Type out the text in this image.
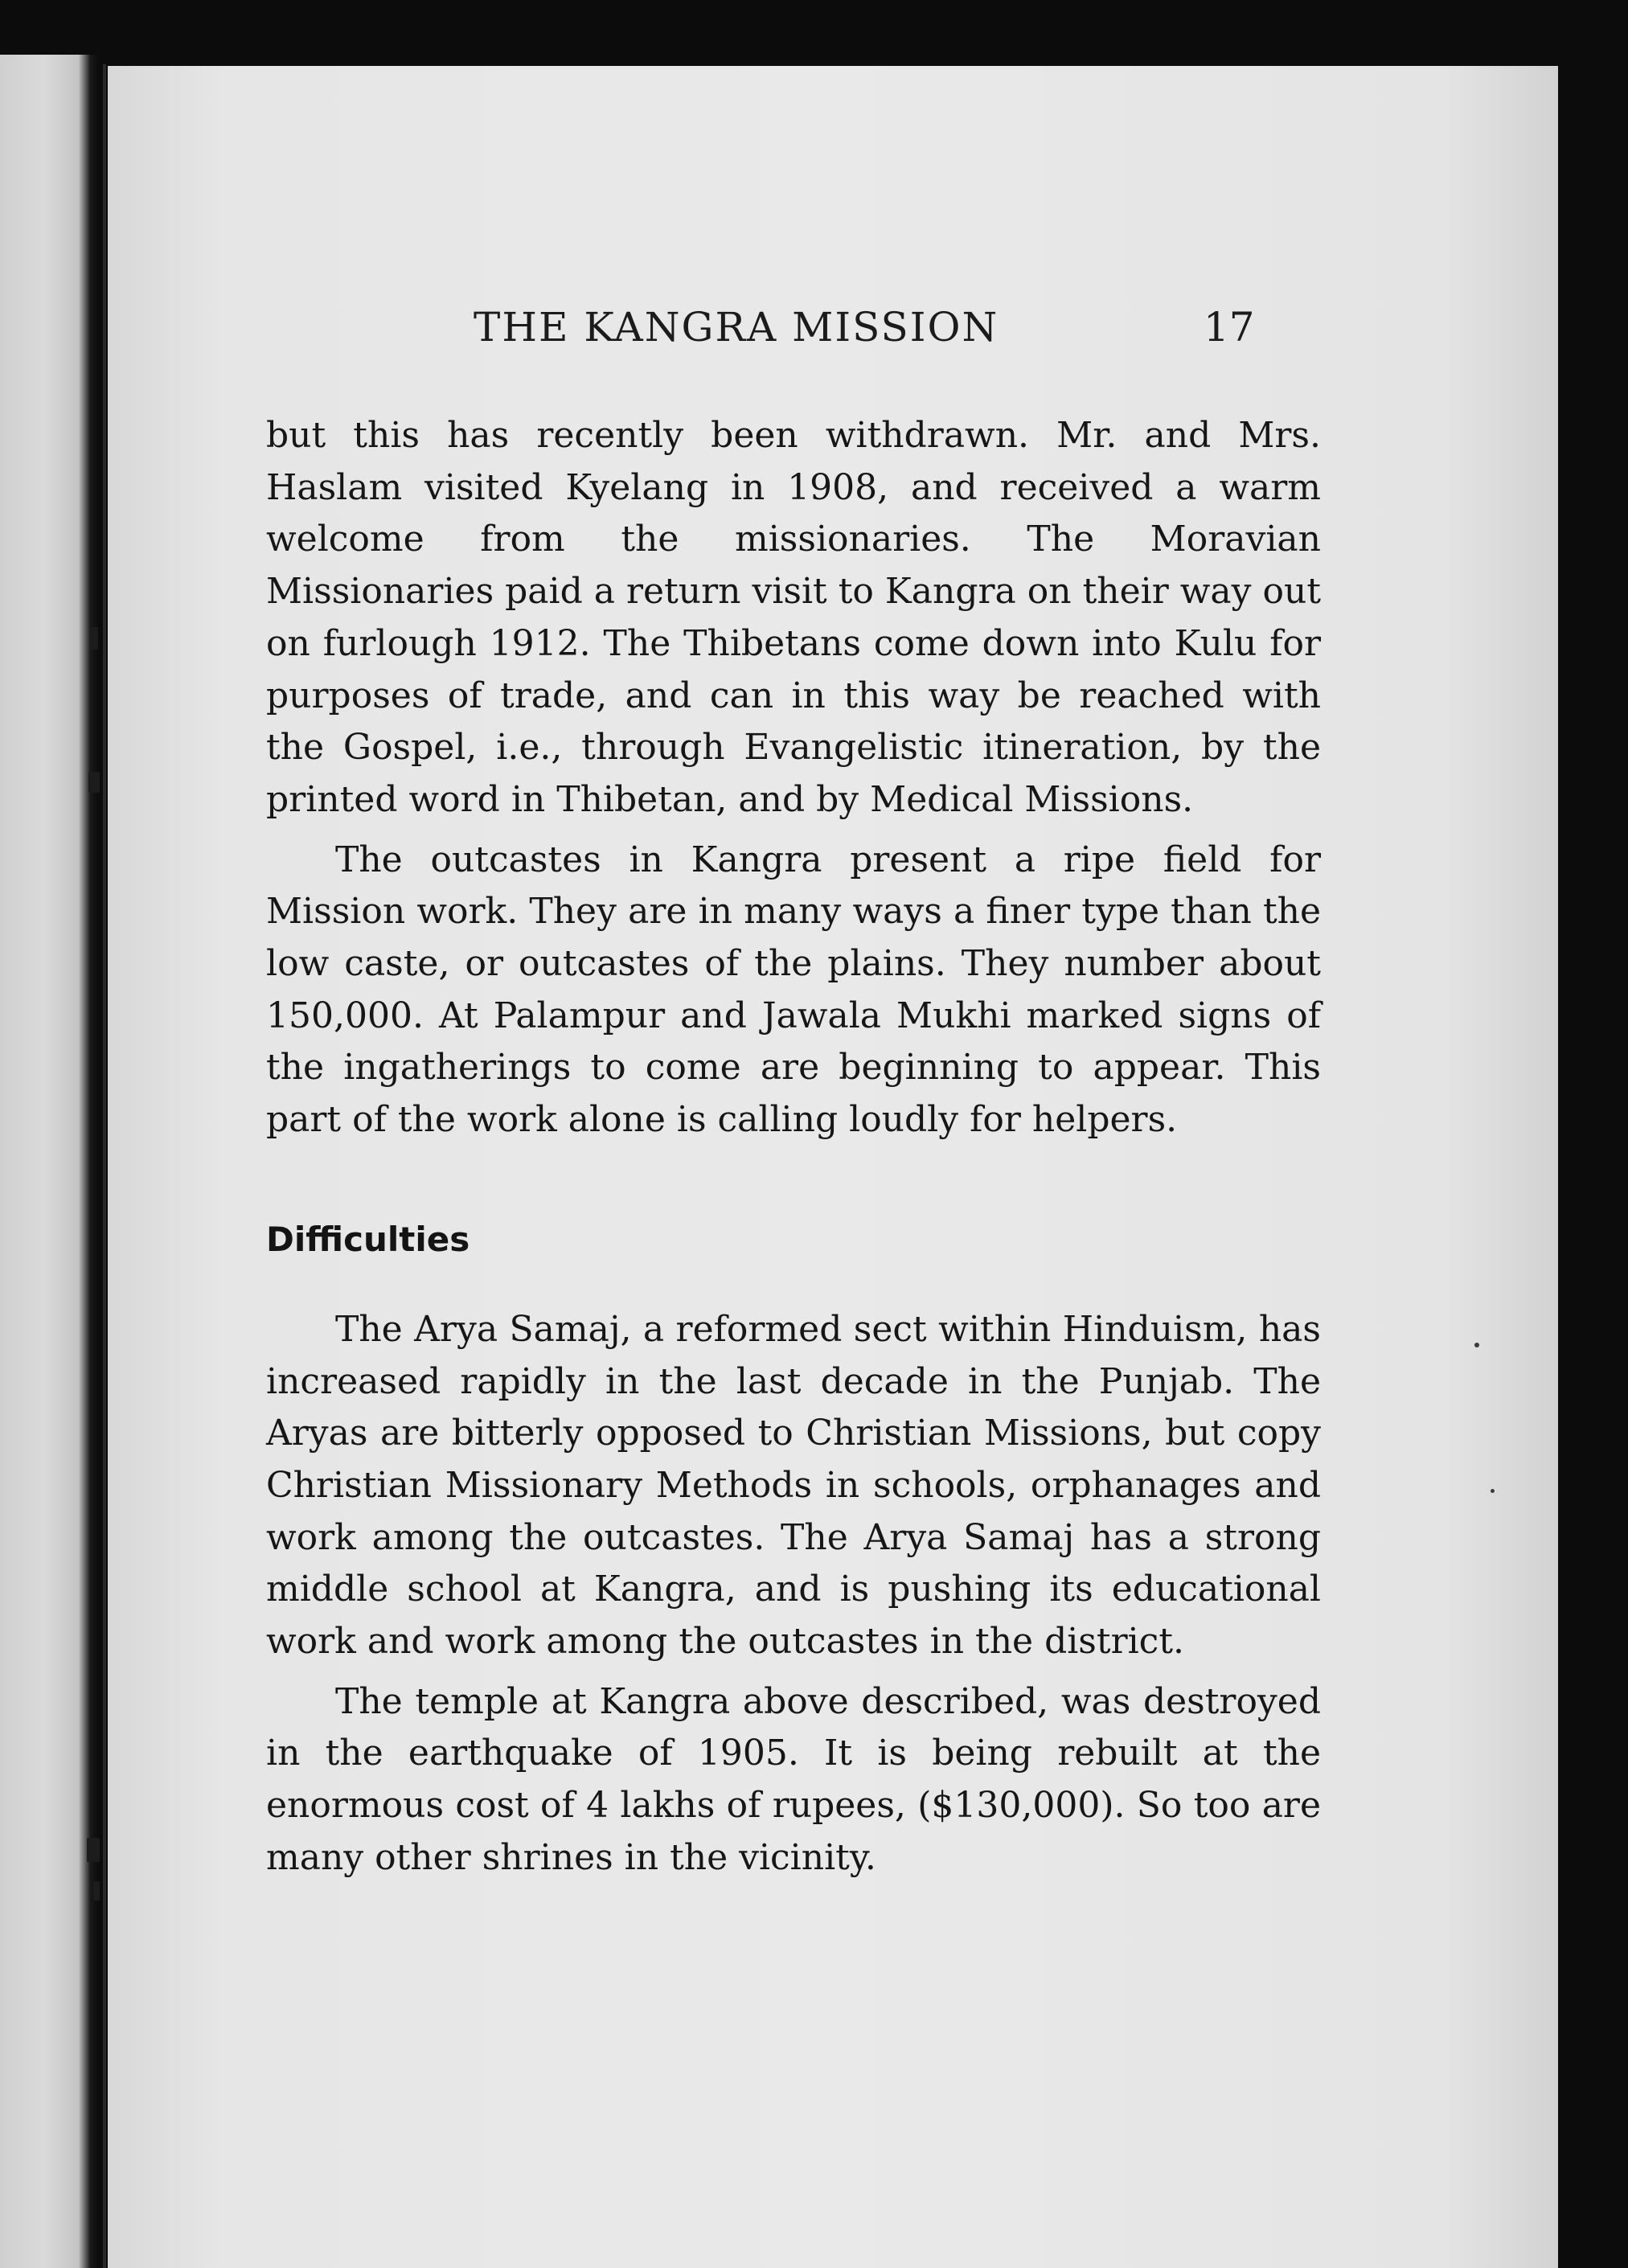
THE KANGRA MISSION	17

but this has recently been withdrawn. Mr. and Mrs. Haslam visited Kyelang in 1908, and received a warm welcome from the missionaries. The Moravian Missionaries paid a return visit to Kangra on their way out on furlough 1912. The Thibetans come down into Kulu for purposes of trade, and can in this way be reached with the Gospel, i.e., through Evangelistic itineration, by the printed word in Thibetan, and by Medical Missions.

The outcastes in Kangra present a ripe field for Mission work. They are in many ways a finer type than the low caste, or outcastes of the plains. They number about 150,000. At Palampur and Jawala Mukhi marked signs of the ingatherings to come are beginning to appear. This part of the work alone is calling loudly for helpers.

Difficulties

The Arya Samaj, a reformed sect within Hinduism, has increased rapidly in the last decade in the Punjab. The Aryas are bitterly opposed to Christian Missions, but copy Christian Missionary Methods in schools, orphanages and work among the outcastes. The Arya Samaj has a strong middle school at Kangra, and is pushing its educational work and work among the outcastes in the district.

The temple at Kangra above described, was destroyed in the earthquake of 1905. It is being rebuilt at the enormous cost of 4 lakhs of rupees, ($130,000). So too are many other shrines in the vicinity.
